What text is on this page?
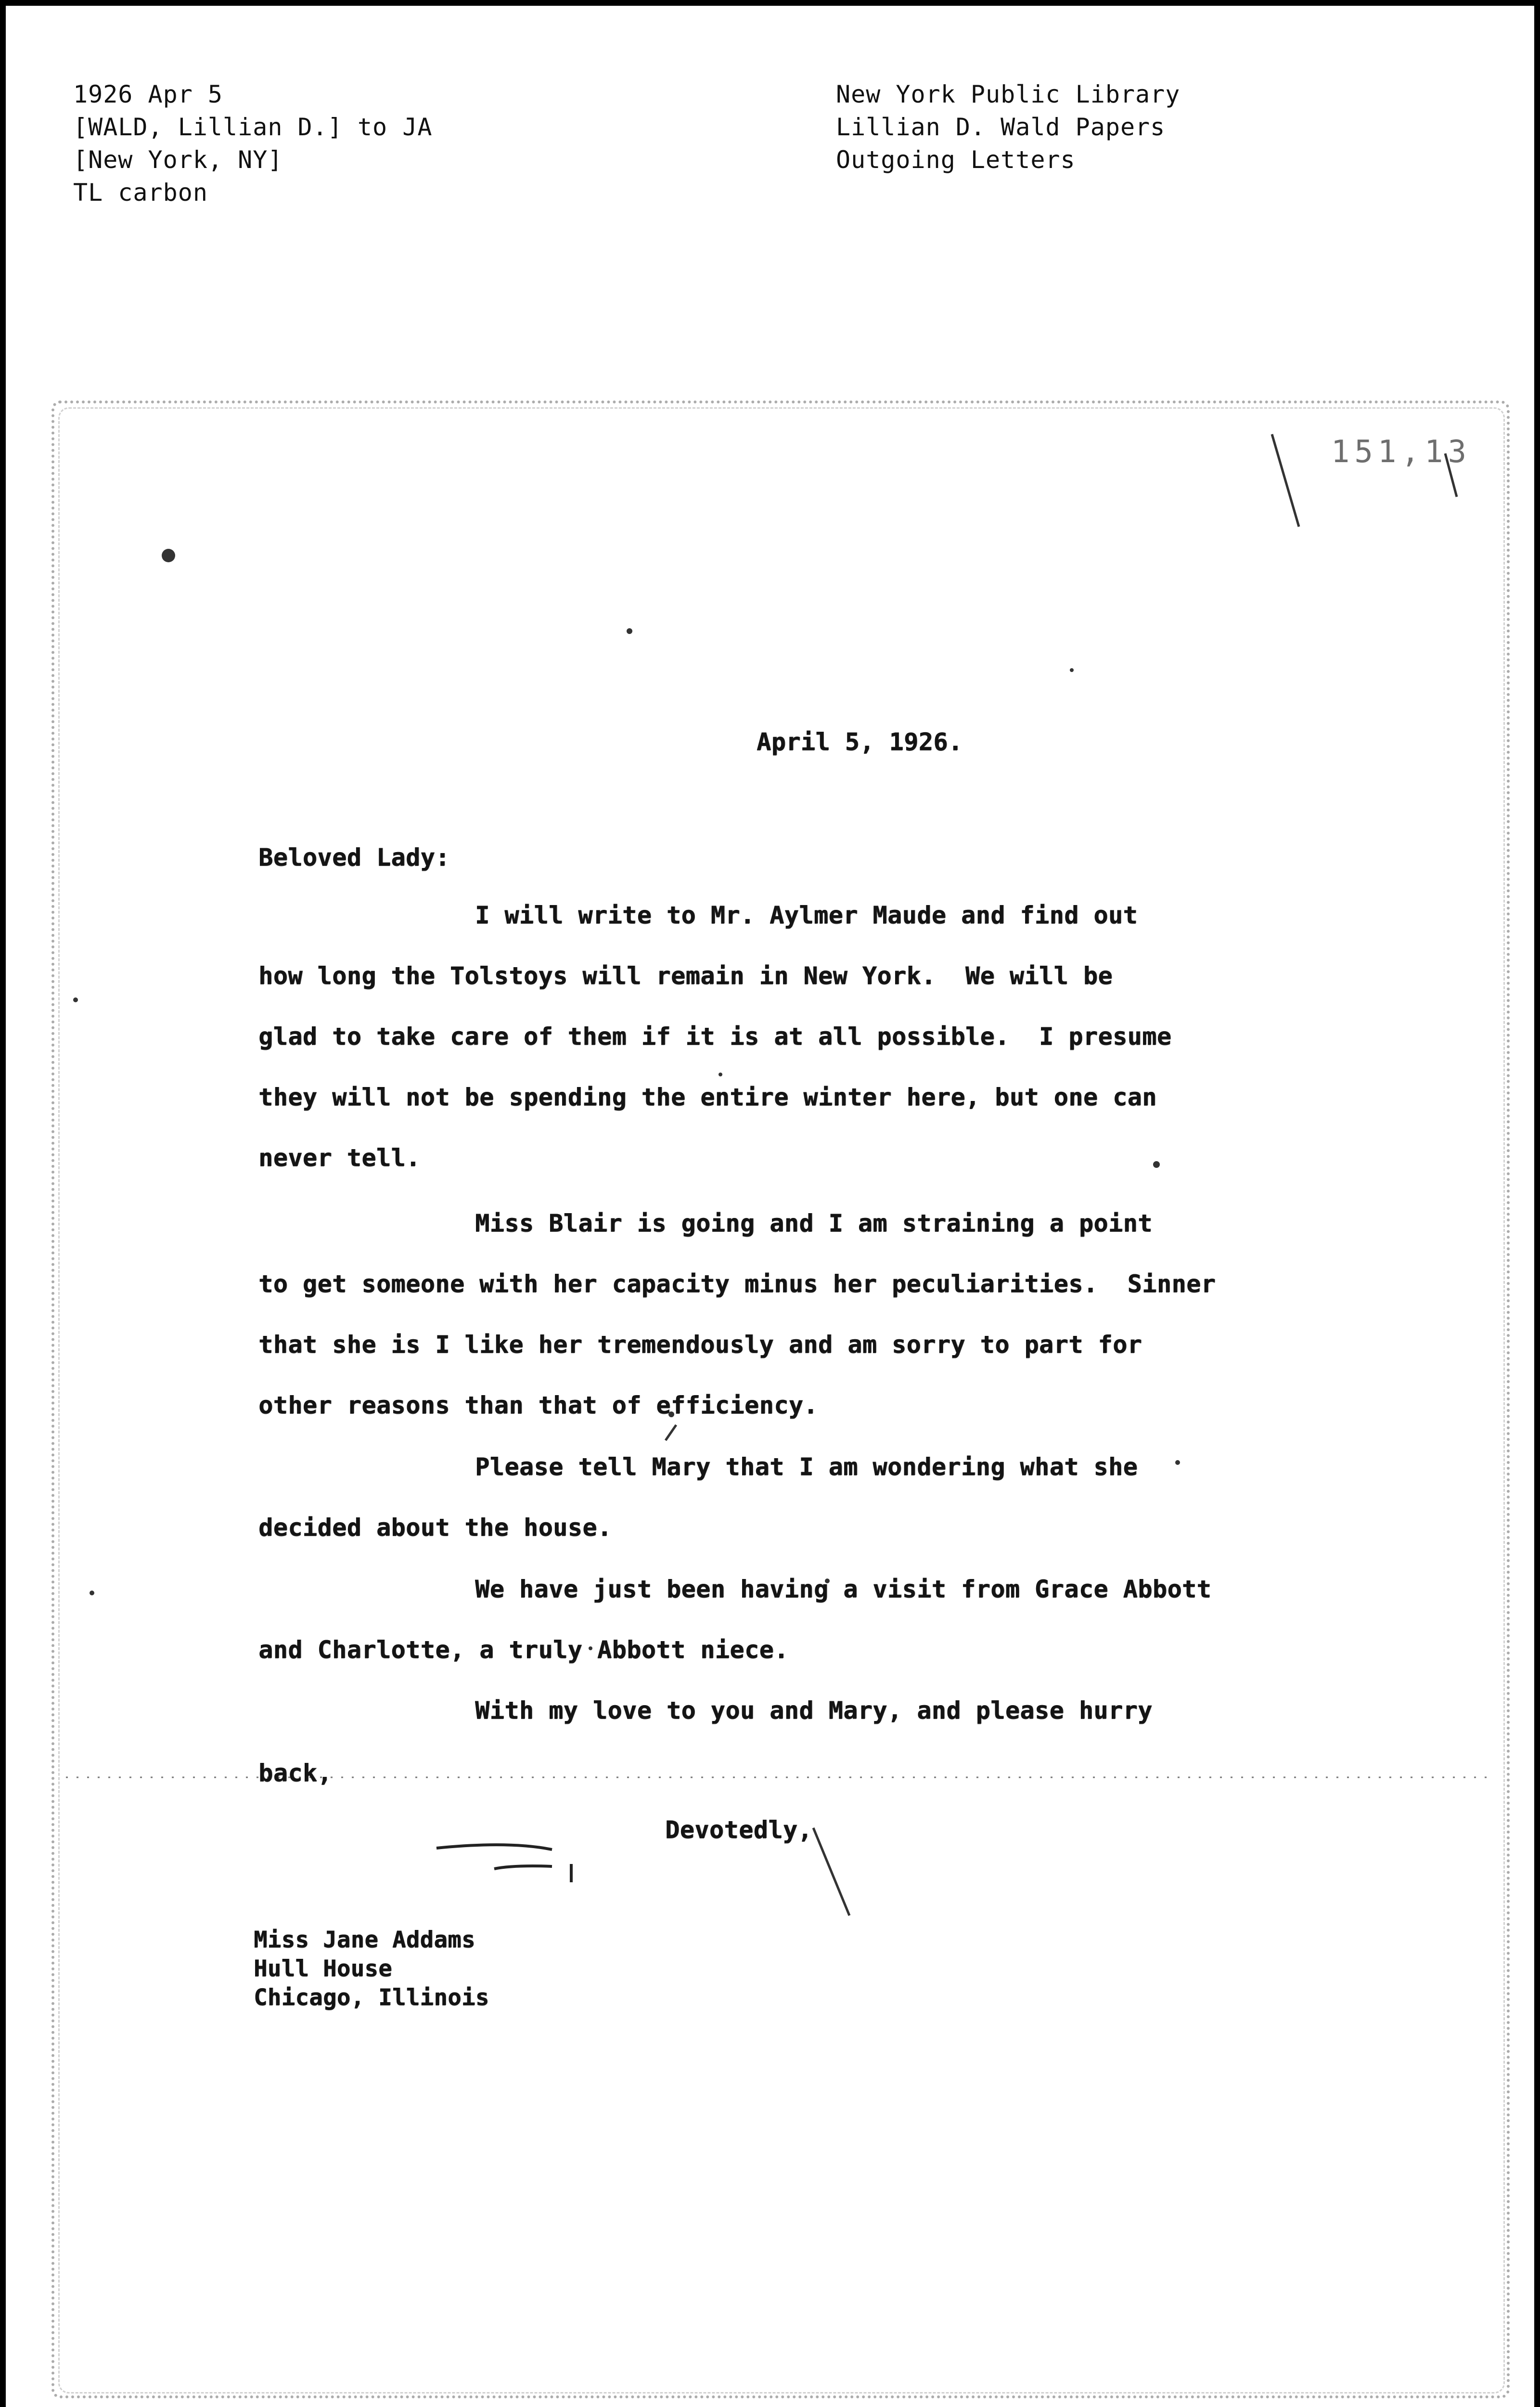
1926 Apr 5
[WALD, Lillian D.] to JA
[New York, NY]
TL carbon
New York Public Library
Lillian D. Wald Papers
Outgoing Letters
151,13
April 5, 1926.
Beloved Lady:
I will write to Mr. Aylmer Maude and find out
how long the Tolstoys will remain in New York.  We will be
glad to take care of them if it is at all possible.  I presume
they will not be spending the entire winter here, but one can
never tell.
Miss Blair is going and I am straining a point
to get someone with her capacity minus her peculiarities.  Sinner
that she is I like her tremendously and am sorry to part for
other reasons than that of efficiency.
Please tell Mary that I am wondering what she
decided about the house.
We have just been having a visit from Grace Abbott
and Charlotte, a truly Abbott niece.
With my love to you and Mary, and please hurry
back,
Devotedly,
Miss Jane Addams
Hull House
Chicago, Illinois
